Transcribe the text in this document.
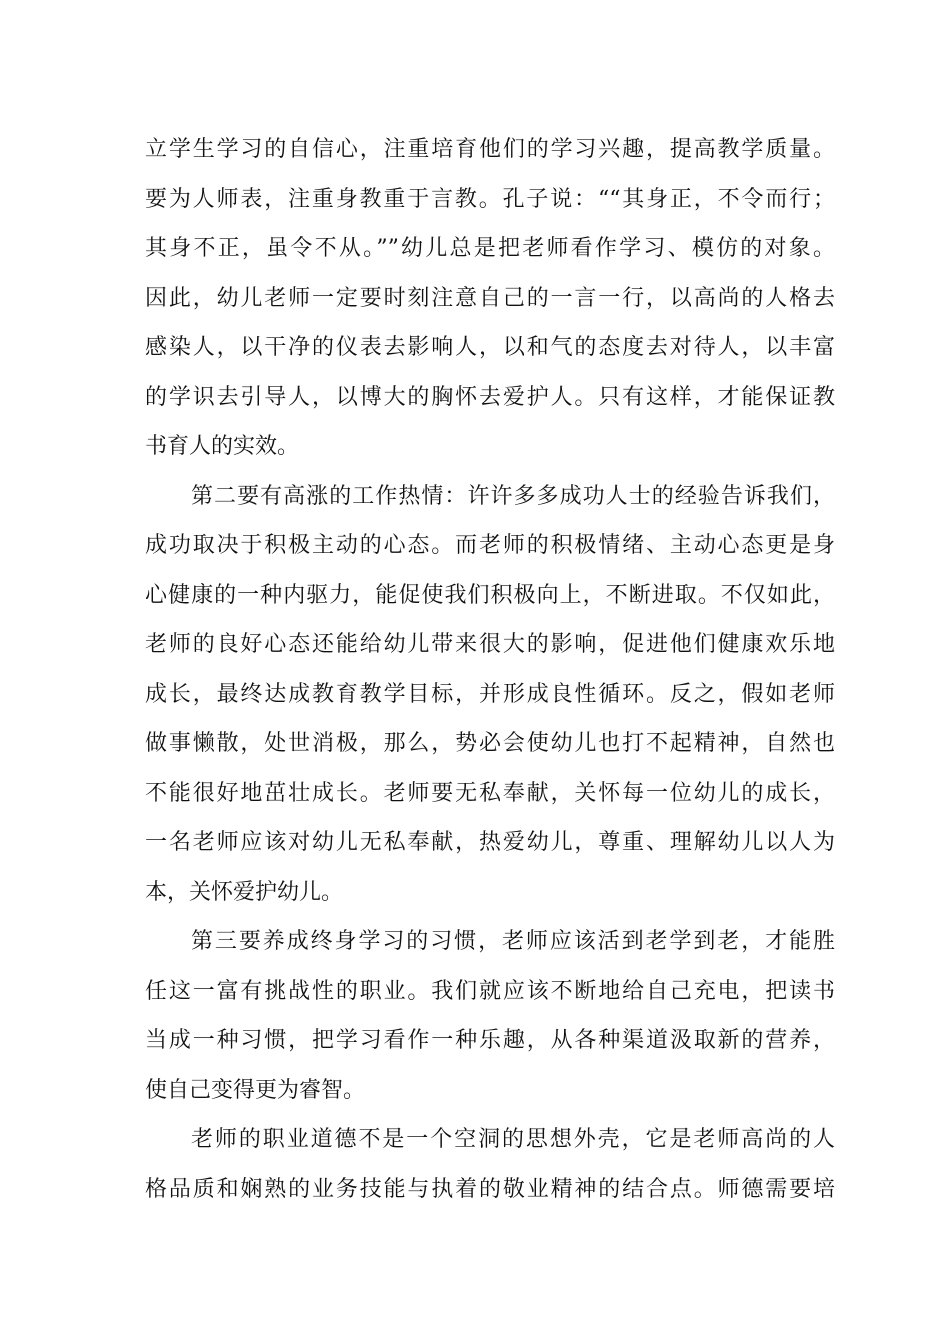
立学生学习的自信心，注重培育他们的学习兴趣，提高教学质量。
要为人师表，注重身教重于言教。孔子说：““其身正，不令而行；
其身不正，虽令不从。””幼儿总是把老师看作学习、模仿的对象。
因此，幼儿老师一定要时刻注意自己的一言一行，以高尚的人格去
感染人，以干净的仪表去影响人，以和气的态度去对待人，以丰富
的学识去引导人，以博大的胸怀去爱护人。只有这样，才能保证教
书育人的实效。
第二要有高涨的工作热情：许许多多成功人士的经验告诉我们，
成功取决于积极主动的心态。而老师的积极情绪、主动心态更是身
心健康的一种内驱力，能促使我们积极向上，不断进取。不仅如此，
老师的良好心态还能给幼儿带来很大的影响，促进他们健康欢乐地
成长，最终达成教育教学目标，并形成良性循环。反之，假如老师
做事懒散，处世消极，那么，势必会使幼儿也打不起精神，自然也
不能很好地茁壮成长。老师要无私奉献，关怀每一位幼儿的成长，
一名老师应该对幼儿无私奉献，热爱幼儿，尊重、理解幼儿以人为
本，关怀爱护幼儿。
第三要养成终身学习的习惯，老师应该活到老学到老，才能胜
任这一富有挑战性的职业。我们就应该不断地给自己充电，把读书
当成一种习惯，把学习看作一种乐趣，从各种渠道汲取新的营养，
使自己变得更为睿智。
老师的职业道德不是一个空洞的思想外壳，它是老师高尚的人
格品质和娴熟的业务技能与执着的敬业精神的结合点。师德需要培
